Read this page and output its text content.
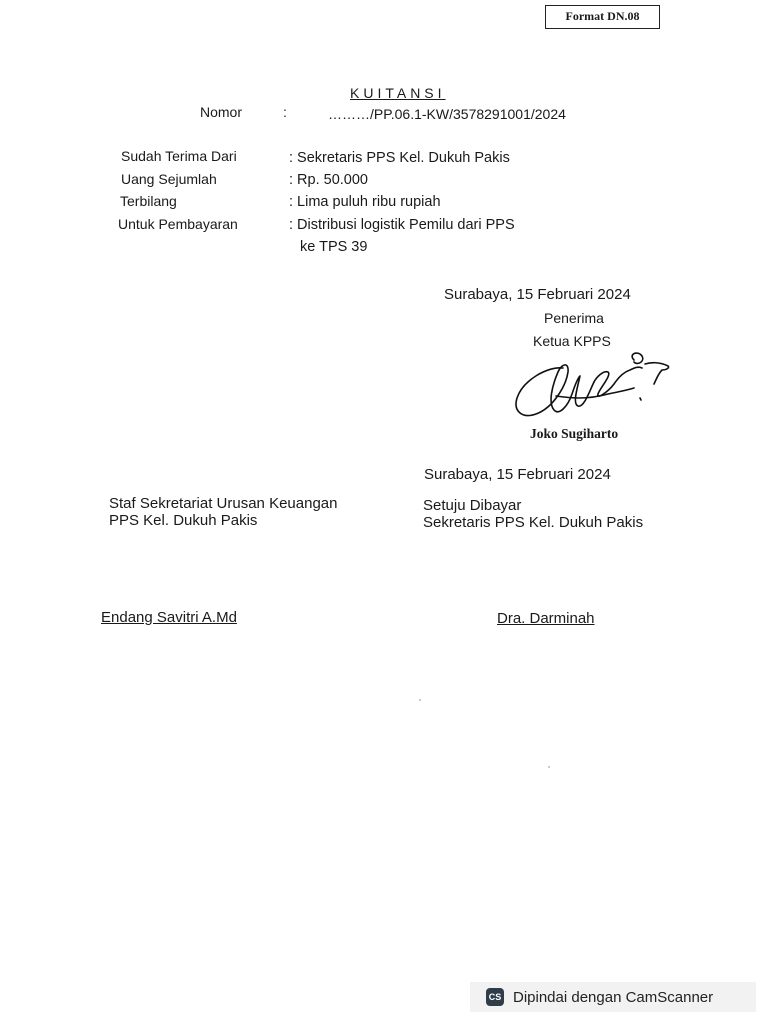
Format DN.08
KUITANSI
Nomor	:	………/PP.06.1-KW/3578291001/2024
Sudah Terima Dari	: Sekretaris PPS Kel. Dukuh Pakis
Uang Sejumlah	: Rp. 50.000
Terbilang	: Lima puluh ribu rupiah
Untuk Pembayaran	: Distribusi logistik Pemilu dari PPS
ke TPS 39
Surabaya, 15 Februari 2024
Penerima
Ketua KPPS
Joko Sugiharto
Surabaya, 15 Februari 2024
Staf Sekretariat Urusan Keuangan
PPS Kel. Dukuh Pakis
Setuju Dibayar
Sekretaris PPS Kel. Dukuh Pakis
Endang Savitri A.Md	Dra. Darminah
CS Dipindai dengan CamScanner
